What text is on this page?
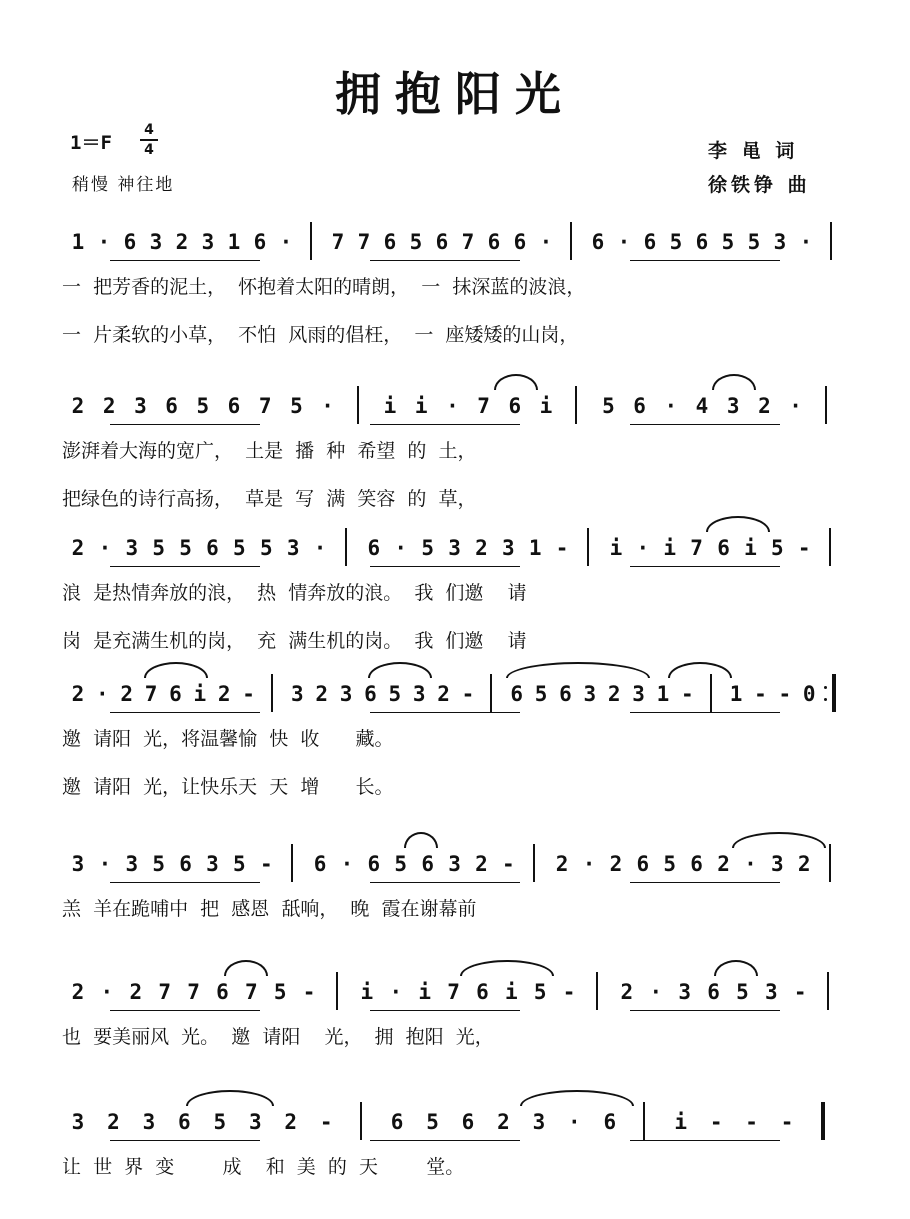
拥抱阳光
1＝F
4
4
稍慢 神往地
李 黾 词
徐铁铮 曲
1 · 6 3 2 3 1 6 · 7 7 6 5 6 7 6 6 · 6 · 6 5 6 5 5 3 ·
一  把芳香的泥土，  怀抱着太阳的晴朗，  一  抹深蓝的波浪，
一  片柔软的小草，  不怕  风雨的倡枉，  一  座矮矮的山岗，
2 2 3 6 5 6 7 5 · i i · 7 6 i 5 6 · 4 3 2 ·
澎湃着大海的宽广，  土是  播  种  希望  的  土，
把绿色的诗行高扬，  草是  写  满  笑容  的  草，
2 · 3 5 5 6 5 5 3 · 6 · 5 3 2 3 1 - i · i 7 6 i 5 -
浪  是热情奔放的浪，  热  情奔放的浪。  我  们邀    请
岗  是充满生机的岗，  充  满生机的岗。  我  们邀    请
2 · 2 7 6 i 2 - 3 2 3 6 5 3 2 - 6 5 6 3 2 3 1 - 1 - - 0
邀  请阳  光，将温馨愉  快  收      藏。
邀  请阳  光，让快乐天  天  增      长。
3 · 3 5 6 3 5 - 6 · 6 5 6 3 2 - 2 · 2 6 5 6 2 · 3 2
羔  羊在跪哺中  把  感恩  舐响，  晚  霞在谢幕前
2 · 2 7 7 6 7 5 - i · i 7 6 i 5 - 2 · 3 6 5 3 -
也  要美丽风  光。  邀  请阳    光，  拥  抱阳  光，
3 2 3 6 5 3 2 -	6 5 6 2 3 · 6	i - - -
让  世  界  变        成    和  美  的  天        堂。
